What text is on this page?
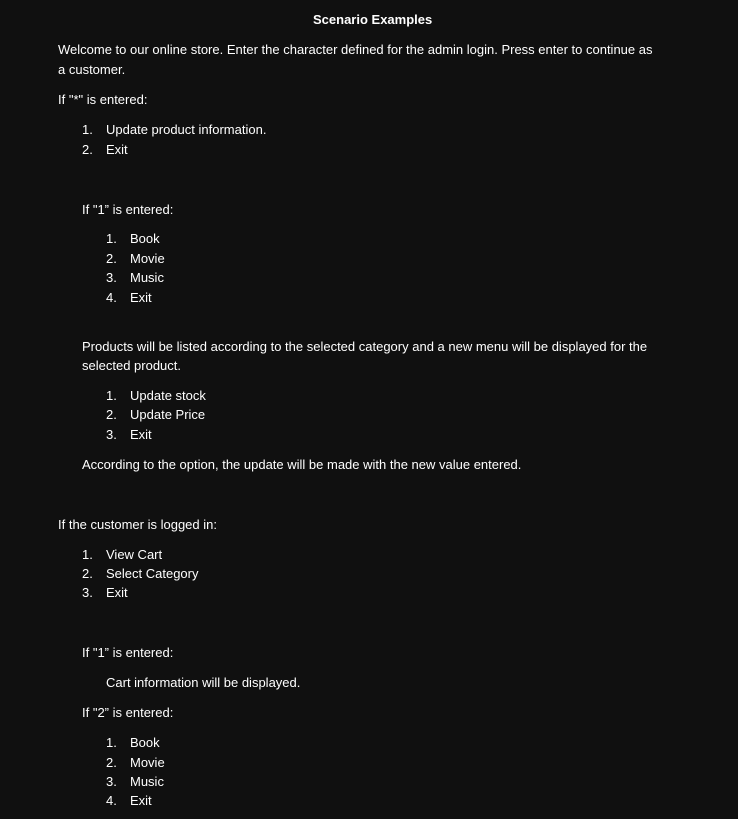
Scenario Examples
Welcome to our online store. Enter the character defined for the admin login. Press enter to continue as
a customer.
If "*" is entered:
1. Update product information.
2. Exit
If "1” is entered:
1. Book
2. Movie
3. Music
4. Exit
Products will be listed according to the selected category and a new menu will be displayed for the
selected product.
1. Update stock
2. Update Price
3. Exit
According to the option, the update will be made with the new value entered.
If the customer is logged in:
1. View Cart
2. Select Category
3. Exit
If "1” is entered:
Cart information will be displayed.
If "2” is entered:
1. Book
2. Movie
3. Music
4. Exit
